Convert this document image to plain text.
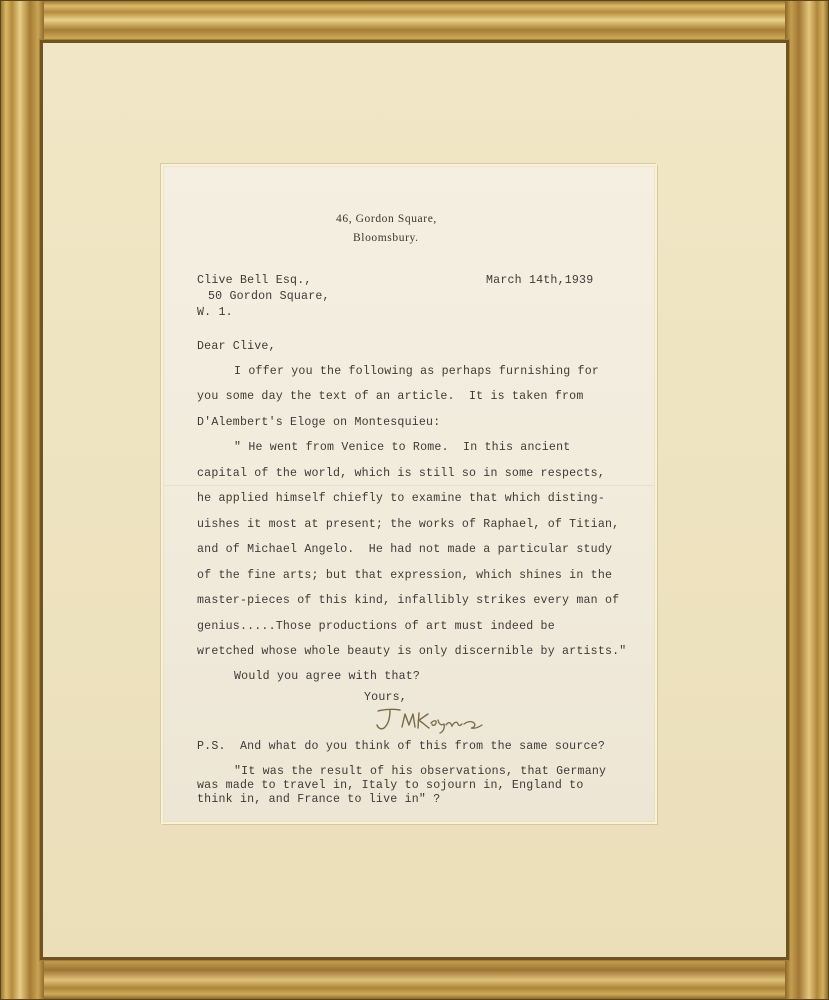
46, Gordon Square,
Bloomsbury.
Clive Bell Esq.,	March 14th,1939
50 Gordon Square,
W. 1.
Dear Clive,
I offer you the following as perhaps furnishing for
you some day the text of an article.  It is taken from
D'Alembert's Eloge on Montesquieu:
" He went from Venice to Rome.  In this ancient
capital of the world, which is still so in some respects,
he applied himself chiefly to examine that which disting-
uishes it most at present; the works of Raphael, of Titian,
and of Michael Angelo.  He had not made a particular study
of the fine arts; but that expression, which shines in the
master-pieces of this kind, infallibly strikes every man of
genius.....Those productions of art must indeed be
wretched whose whole beauty is only discernible by artists."
Would you agree with that?
Yours,
P.S.  And what do you think of this from the same source?
"It was the result of his observations, that Germany
was made to travel in, Italy to sojourn in, England to
think in, and France to live in" ?
